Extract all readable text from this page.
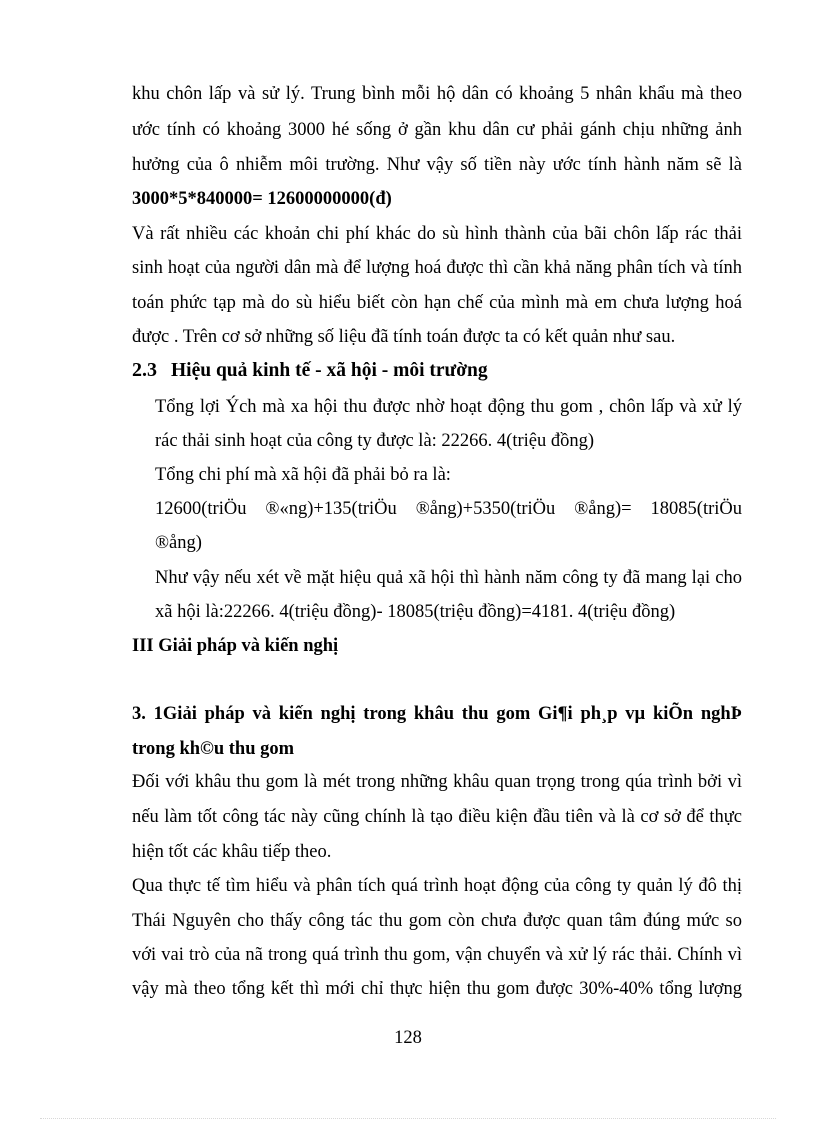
khu chôn lấp và sử lý. Trung bình mỗi hộ dân có khoảng 5 nhân khẩu mà theo
ước tính có khoảng 3000 hé sống ở gần khu dân cư phải gánh chịu những ảnh
hưởng của ô nhiễm môi trường. Như vậy số tiền này ước tính hành năm sẽ là
3000*5*840000= 12600000000(đ)
Và rất nhiều các khoản chi phí khác do sù hình thành của bãi chôn lấp rác thải
sinh hoạt của người dân mà để lượng hoá được thì cần khả năng phân tích và tính
toán phức tạp mà do sù hiểu biết còn hạn chế của mình mà em chưa lượng hoá
được . Trên cơ sở những số liệu đã tính toán được ta có kết quản như sau.
2.3 Hiệu quả kinh tế - xã hội - môi trường
Tổng lợi Ých mà xa hội thu được nhờ hoạt động thu gom , chôn lấp và xử lý
rác thải sinh hoạt của công ty được là: 22266. 4(triệu đồng)
Tổng chi phí mà xã hội đã phải bỏ ra là:
12600(triÖu ®«ng)+135(triÖu ®ång)+5350(triÖu ®ång)= 18085(triÖu
®ång)
Như vậy nếu xét về mặt hiệu quả xã hội thì hành năm công ty đã mang lại cho
xã hội là:22266. 4(triệu đồng)- 18085(triệu đồng)=4181. 4(triệu đồng)
III Giải pháp và kiến nghị
3. 1Giải pháp và kiến nghị trong khâu thu gom Gi¶i ph¸p vµ kiÕn nghÞ
trong kh©u thu gom
Đối với khâu thu gom là mét trong những khâu quan trọng trong qúa trình bởi vì
nếu làm tốt công tác này cũng chính là tạo điều kiện đầu tiên và là cơ sở để thực
hiện tốt các khâu tiếp theo.
Qua thực tế tìm hiểu và phân tích quá trình hoạt động của công ty quản lý đô thị
Thái Nguyên cho thấy công tác thu gom còn chưa được quan tâm đúng mức so
với vai trò của nã trong quá trình thu gom, vận chuyển và xử lý rác thải. Chính vì
vậy mà theo tổng kết thì mới chỉ thực hiện thu gom được 30%-40% tổng lượng
128
